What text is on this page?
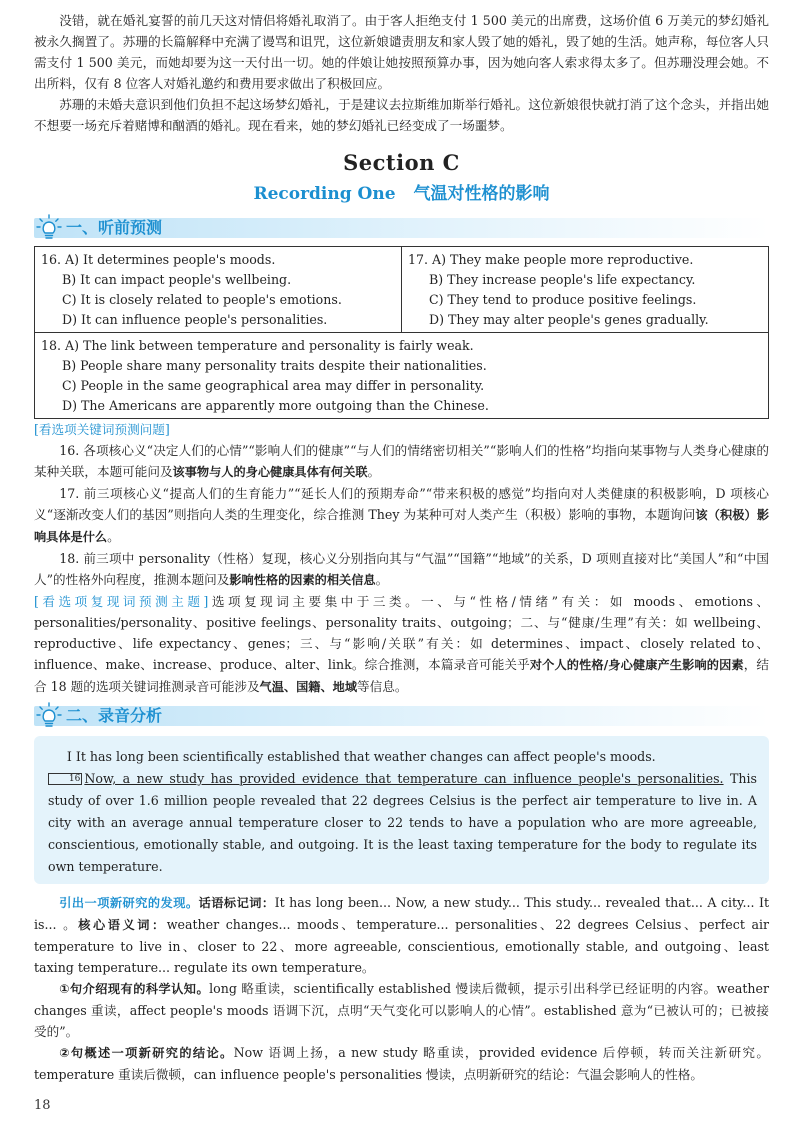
没错，就在婚礼宴誓的前几天这对情侣将婚礼取消了。由于客人拒绝支付 1 500 美元的出席费，这场价值 6 万美元的梦幻婚礼被永久搁置了。苏珊的长篇解释中充满了谩骂和诅咒，这位新娘谴责朋友和家人毁了她的婚礼，毁了她的生活。她声称，每位客人只需支付 1 500 美元，而她却要为这一天付出一切。她的伴娘让她按照预算办事，因为她向客人索求得太多了。但苏珊没理会她。不出所料，仅有 8 位客人对婚礼邀约和费用要求做出了积极回应。

苏珊的未婚夫意识到他们负担不起这场梦幻婚礼，于是建议去拉斯维加斯举行婚礼。这位新娘很快就打消了这个念头，并指出她不想要一场充斥着赌博和酗酒的婚礼。现在看来，她的梦幻婚礼已经变成了一场噩梦。

Section C
Recording One 气温对性格的影响
一、听前预测
16. A) It determines people's moods.
B) It can impact people's wellbeing.
C) It is closely related to people's emotions.
D) It can influence people's personalities.

17. A) They make people more reproductive.
B) They increase people's life expectancy.
C) They tend to produce positive feelings.
D) They may alter people's genes gradually.

18. A) The link between temperature and personality is fairly weak.
B) People share many personality traits despite their nationalities.
C) People in the same geographical area may differ in personality.
D) The Americans are apparently more outgoing than the Chinese.

[看选项关键词预测问题]

16. 各项核心义“决定人们的心情”“影响人们的健康”“与人们的情绪密切相关”“影响人们的性格”均指向某事物与人类身心健康的某种关联，本题可能问及该事物与人的身心健康具体有何关联。

17. 前三项核心义“提高人们的生育能力”“延长人们的预期寿命”“带来积极的感觉”均指向对人类健康的积极影响，D 项核心义“逐渐改变人们的基因”则指向人类的生理变化，综合推测 They 为某种可对人类产生（积极）影响的事物，本题询问该（积极）影响具体是什么。

18. 前三项中 personality（性格）复现，核心义分别指向其与“气温”“国籍”“地域”的关系，D 项则直接对比“美国人”和“中国人”的性格外向程度，推测本题问及影响性格的因素的相关信息。

[看选项复现词预测主题]选项复现词主要集中于三类。一、与“性格/情绪”有关：如 moods、emotions、personalities/personality、positive feelings、personality traits、outgoing；二、与“健康/生理”有关：如 wellbeing、reproductive、life expectancy、genes；三、与“影响/关联”有关：如 determines、impact、closely related to、influence、make、increase、produce、alter、link。综合推测，本篇录音可能关乎对个人的性格/身心健康产生影响的因素，结合 18 题的选项关键词推测录音可能涉及气温、国籍、地域等信息。

二、录音分析

Ⅰ It has long been scientifically established that weather changes can affect people's moods.
16 Now, a new study has provided evidence that temperature can influence people's personalities. This study of over 1.6 million people revealed that 22 degrees Celsius is the perfect air temperature to live in. A city with an average annual temperature closer to 22 tends to have a population who are more agreeable, conscientious, emotionally stable, and outgoing. It is the least taxing temperature for the body to regulate its own temperature.

引出一项新研究的发现。话语标记词：It has long been... Now, a new study... This study... revealed that... A city... It is... 。核心语义词：weather changes... moods、temperature... personalities、22 degrees Celsius、perfect air temperature to live in、closer to 22、more agreeable, conscientious, emotionally stable, and outgoing、least taxing temperature... regulate its own temperature。

①句介绍现有的科学认知。long 略重读，scientifically established 慢读后微顿，提示引出科学已经证明的内容。weather changes 重读，affect people's moods 语调下沉，点明“天气变化可以影响人的心情”。established 意为“已被认可的；已被接受的”。

②句概述一项新研究的结论。Now 语调上扬，a new study 略重读，provided evidence 后停顿，转而关注新研究。temperature 重读后微顿，can influence people's personalities 慢读，点明新研究的结论：气温会影响人的性格。

18
